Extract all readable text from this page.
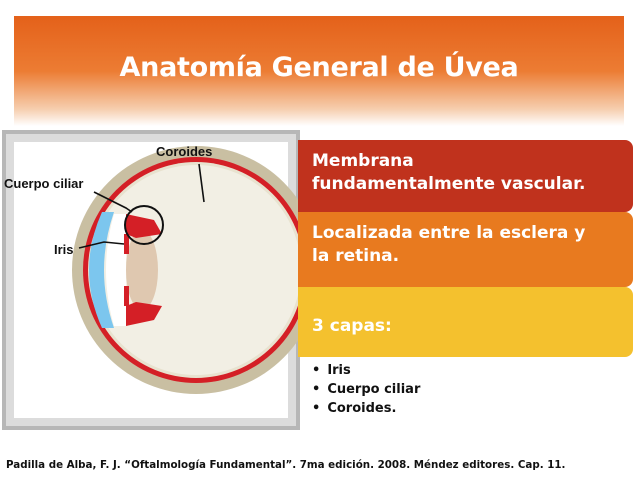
Anatomía General de Úvea
Coroides
Cuerpo ciliar
Iris
Membrana
fundamentalmente vascular.
Localizada entre la esclera y
la retina.
3 capas:
• Iris
• Cuerpo ciliar
• Coroides.
Padilla de Alba, F. J. “Oftalmología Fundamental”. 7ma edición. 2008. Méndez editores. Cap. 11.
